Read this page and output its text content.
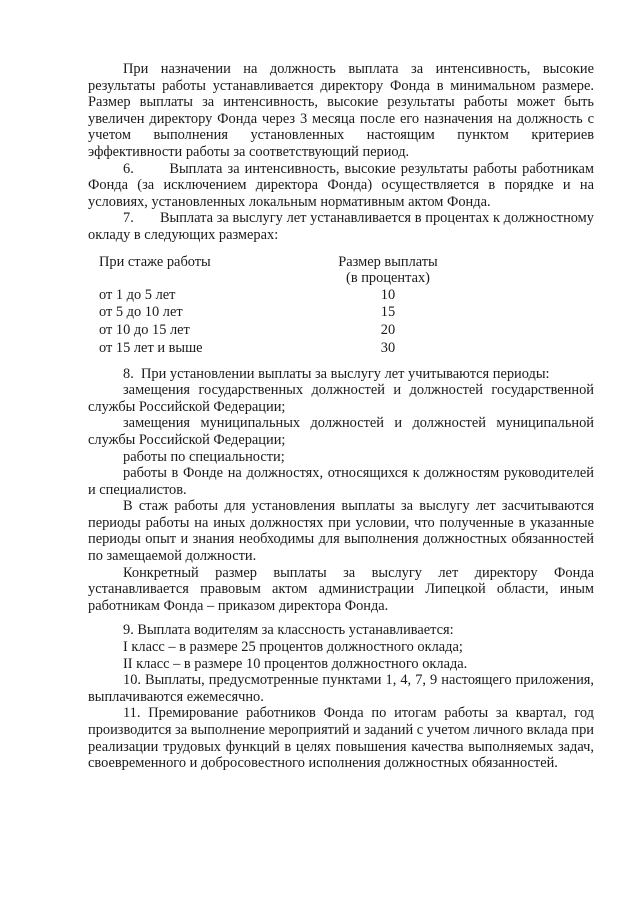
При назначении на должность выплата за интенсивность, высокие результаты работы устанавливается директору Фонда в минимальном размере. Размер выплаты за интенсивность, высокие результаты работы может быть увеличен директору Фонда через 3 месяца после его назначения на должность с учетом выполнения установленных настоящим пунктом критериев эффективности работы за соответствующий период.

6.       Выплата за интенсивность, высокие результаты работы работникам Фонда (за исключением директора Фонда) осуществляется в порядке и на условиях, установленных локальным нормативным актом Фонда.

7.       Выплата за выслугу лет устанавливается в процентах к должностному окладу в следующих размерах:

При стаже работы
от 1 до 5 лет
от 5 до 10 лет
от 10 до 15 лет
от 15 лет и выше
Размер выплаты
(в процентах)
10
15
20
30

8.  При установлении выплаты за выслугу лет учитываются периоды:

замещения государственных должностей и должностей государственной службы Российской Федерации;

замещения муниципальных должностей и должностей муниципальной службы Российской Федерации;

работы по специальности;

работы в Фонде на должностях, относящихся к должностям руководителей и специалистов.

В стаж работы для установления выплаты за выслугу лет засчитываются периоды работы на иных должностях при условии, что полученные в указанные периоды опыт и знания необходимы для выполнения должностных обязанностей по замещаемой должности.

Конкретный размер выплаты за выслугу лет директору Фонда устанавливается правовым актом администрации Липецкой области, иным работникам Фонда – приказом директора Фонда.

9. Выплата водителям за классность устанавливается:

I класс – в размере 25 процентов должностного оклада;

II класс – в размере 10 процентов должностного оклада.

10. Выплаты, предусмотренные пунктами 1, 4, 7, 9 настоящего приложения, выплачиваются ежемесячно.

11. Премирование работников Фонда по итогам работы за квартал, год производится за выполнение мероприятий и заданий с учетом личного вклада при реализации трудовых функций в целях повышения качества выполняемых задач, своевременного и добросовестного исполнения должностных обязанностей.
